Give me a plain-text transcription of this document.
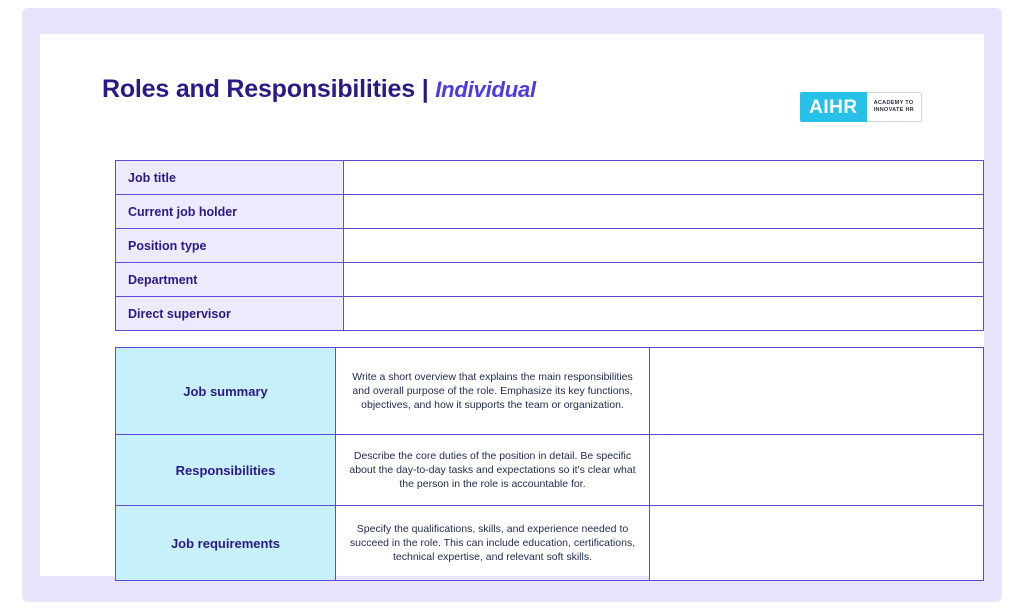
Roles and Responsibilities | Individual
AIHR	ACADEMY TO
INNOVATE HR
Job title	
Current job holder	
Position type	
Department	
Direct supervisor	
Job summary	Write a short overview that explains the main responsibilities and overall purpose of the role. Emphasize its key functions, objectives, and how it supports the team or organization.	
Responsibilities	Describe the core duties of the position in detail. Be specific about the day-to-day tasks and expectations so it's clear what the person in the role is accountable for.	
Job requirements	Specify the qualifications, skills, and experience needed to succeed in the role. This can include education, certifications, technical expertise, and relevant soft skills.	
